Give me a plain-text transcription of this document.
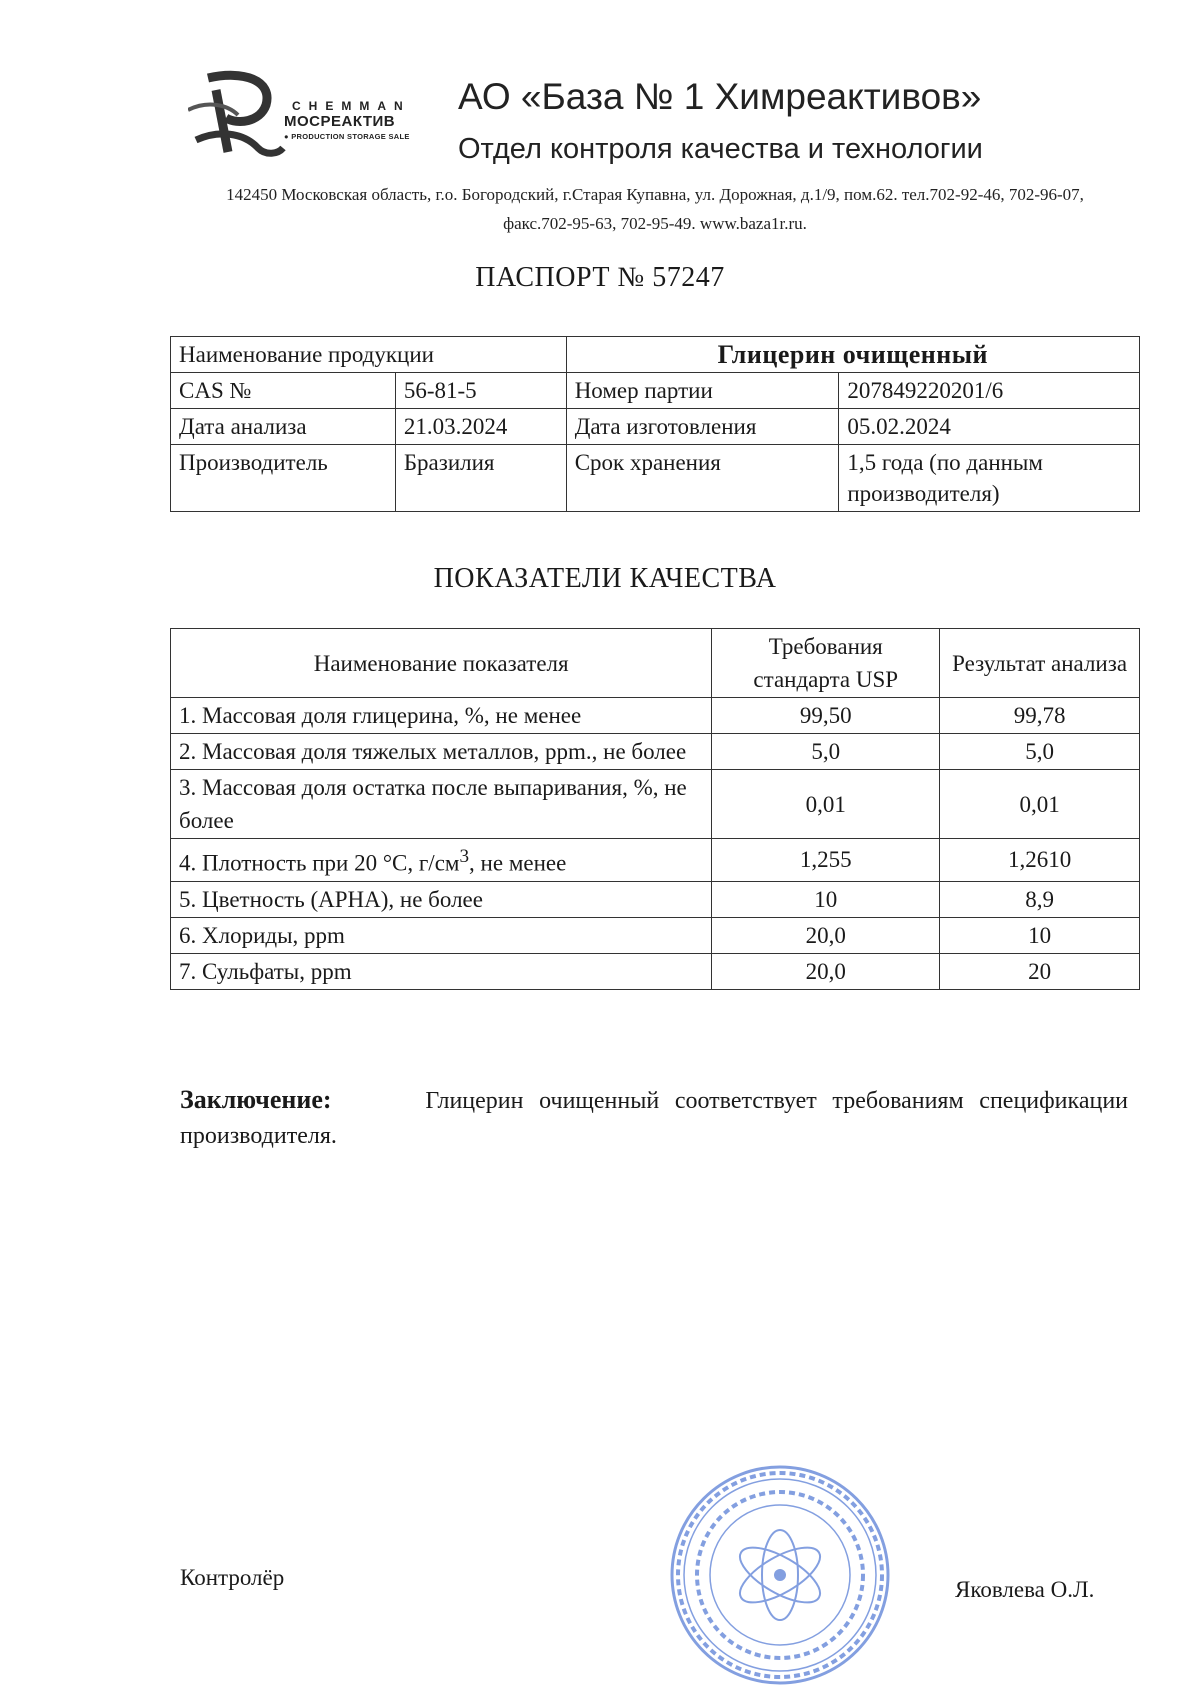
CHEMMAN
МОСРЕАКТИВ
● PRODUCTION STORAGE SALE
АО «База № 1 Химреактивов»
Отдел контроля качества и технологии
142450 Московская область, г.о. Богородский, г.Старая Купавна, ул. Дорожная, д.1/9, пом.62. тел.702-92-46, 702-96-07, факс.702-95-63, 702-95-49. www.baza1r.ru.
ПАСПОРТ № 57247
Наименование продукции		Глицерин очищенный	
CAS №	56-81-5	Номер партии	207849220201/6
Дата анализа	21.03.2024	Дата изготовления	05.02.2024
Производитель	Бразилия	Срок хранения	1,5 года (по данным производителя)
ПОКАЗАТЕЛИ КАЧЕСТВА
Наименование показателя	Требования стандарта USP	Результат анализа
1. Массовая доля глицерина, %, не менее	99,50	99,78
2. Массовая доля тяжелых металлов, ppm., не более	5,0	5,0
3. Массовая доля остатка после выпаривания, %, не более	0,01	0,01
4. Плотность при 20 °С, $г/см^3$, не менее	1,255	1,2610
5. Цветность (APHA), не более	10	8,9
6. Хлориды, ppm	20,0	10
7. Сульфаты, ppm	20,0	20
Заключение:	Глицерин очищенный соответствует требованиям спецификации производителя.
Контролёр	Яковлева О.Л.
